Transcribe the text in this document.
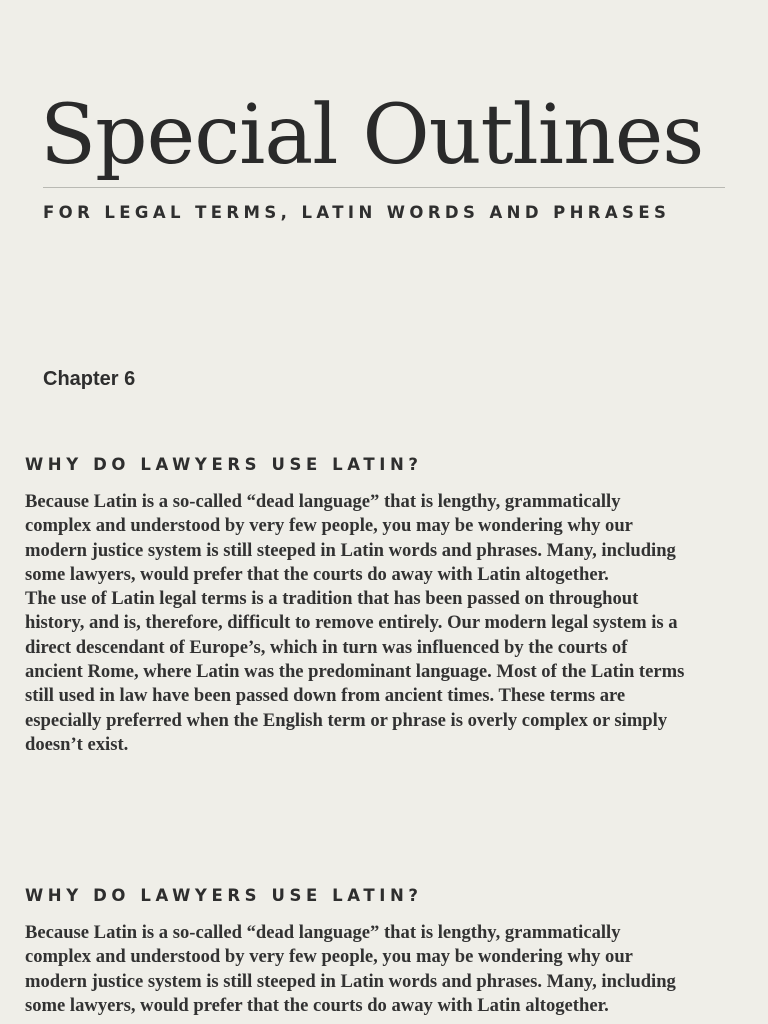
Special Outlines
FOR LEGAL TERMS, LATIN WORDS AND PHRASES
Chapter 6
WHY DO LAWYERS USE LATIN?

Because Latin is a so-called “dead language” that is lengthy, grammatically complex and understood by very few people, you may be wondering why our modern justice system is still steeped in Latin words and phrases. Many, including some lawyers, would prefer that the courts do away with Latin altogether.

The use of Latin legal terms is a tradition that has been passed on throughout history, and is, therefore, difficult to remove entirely. Our modern legal system is a direct descendant of Europe’s, which in turn was influenced by the courts of ancient Rome, where Latin was the predominant language. Most of the Latin terms still used in law have been passed down from ancient times. These terms are especially preferred when the English term or phrase is overly complex or simply doesn’t exist.

WHY DO LAWYERS USE LATIN?

Because Latin is a so-called “dead language” that is lengthy, grammatically complex and understood by very few people, you may be wondering why our modern justice system is still steeped in Latin words and phrases. Many, including some lawyers, would prefer that the courts do away with Latin altogether.
